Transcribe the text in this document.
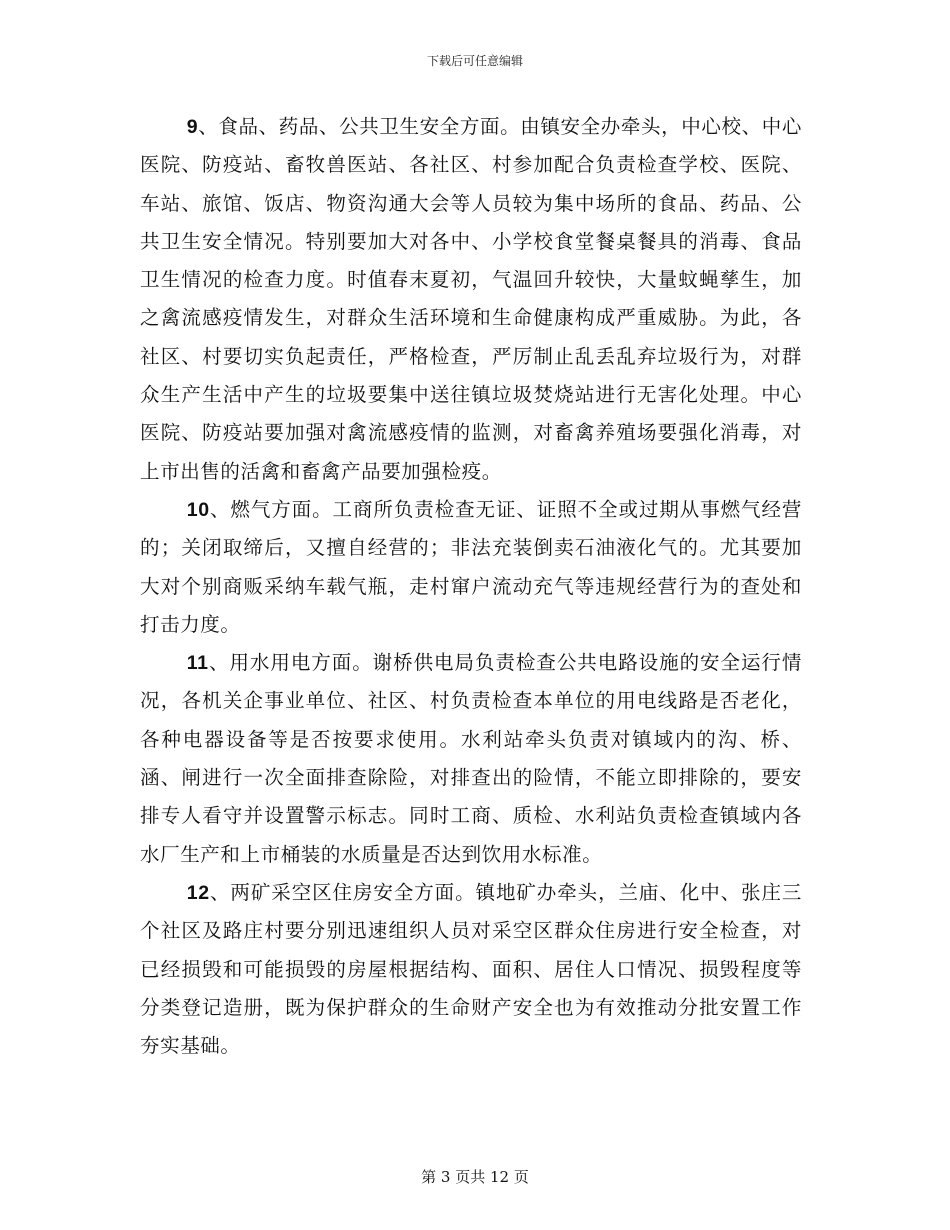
下载后可任意编辑

9、食品、药品、公共卫生安全方面。由镇安全办牵头，中心校、中心医院、防疫站、畜牧兽医站、各社区、村参加配合负责检查学校、医院、车站、旅馆、饭店、物资沟通大会等人员较为集中场所的食品、药品、公共卫生安全情况。特别要加大对各中、小学校食堂餐桌餐具的消毒、食品卫生情况的检查力度。时值春末夏初，气温回升较快，大量蚊蝇孳生，加之禽流感疫情发生，对群众生活环境和生命健康构成严重威胁。为此，各社区、村要切实负起责任，严格检查，严厉制止乱丢乱弃垃圾行为，对群众生产生活中产生的垃圾要集中送往镇垃圾焚烧站进行无害化处理。中心医院、防疫站要加强对禽流感疫情的监测，对畜禽养殖场要强化消毒，对上市出售的活禽和畜禽产品要加强检疫。

10、燃气方面。工商所负责检查无证、证照不全或过期从事燃气经营的；关闭取缔后，又擅自经营的；非法充装倒卖石油液化气的。尤其要加大对个别商贩采纳车载气瓶，走村窜户流动充气等违规经营行为的查处和打击力度。

11、用水用电方面。谢桥供电局负责检查公共电路设施的安全运行情况，各机关企事业单位、社区、村负责检查本单位的用电线路是否老化，各种电器设备等是否按要求使用。水利站牵头负责对镇域内的沟、桥、涵、闸进行一次全面排查除险，对排查出的险情，不能立即排除的，要安排专人看守并设置警示标志。同时工商、质检、水利站负责检查镇域内各水厂生产和上市桶装的水质量是否达到饮用水标准。

12、两矿采空区住房安全方面。镇地矿办牵头，兰庙、化中、张庄三个社区及路庄村要分别迅速组织人员对采空区群众住房进行安全检查，对已经损毁和可能损毁的房屋根据结构、面积、居住人口情况、损毁程度等分类登记造册，既为保护群众的生命财产安全也为有效推动分批安置工作夯实基础。

第 3 页共 12 页
